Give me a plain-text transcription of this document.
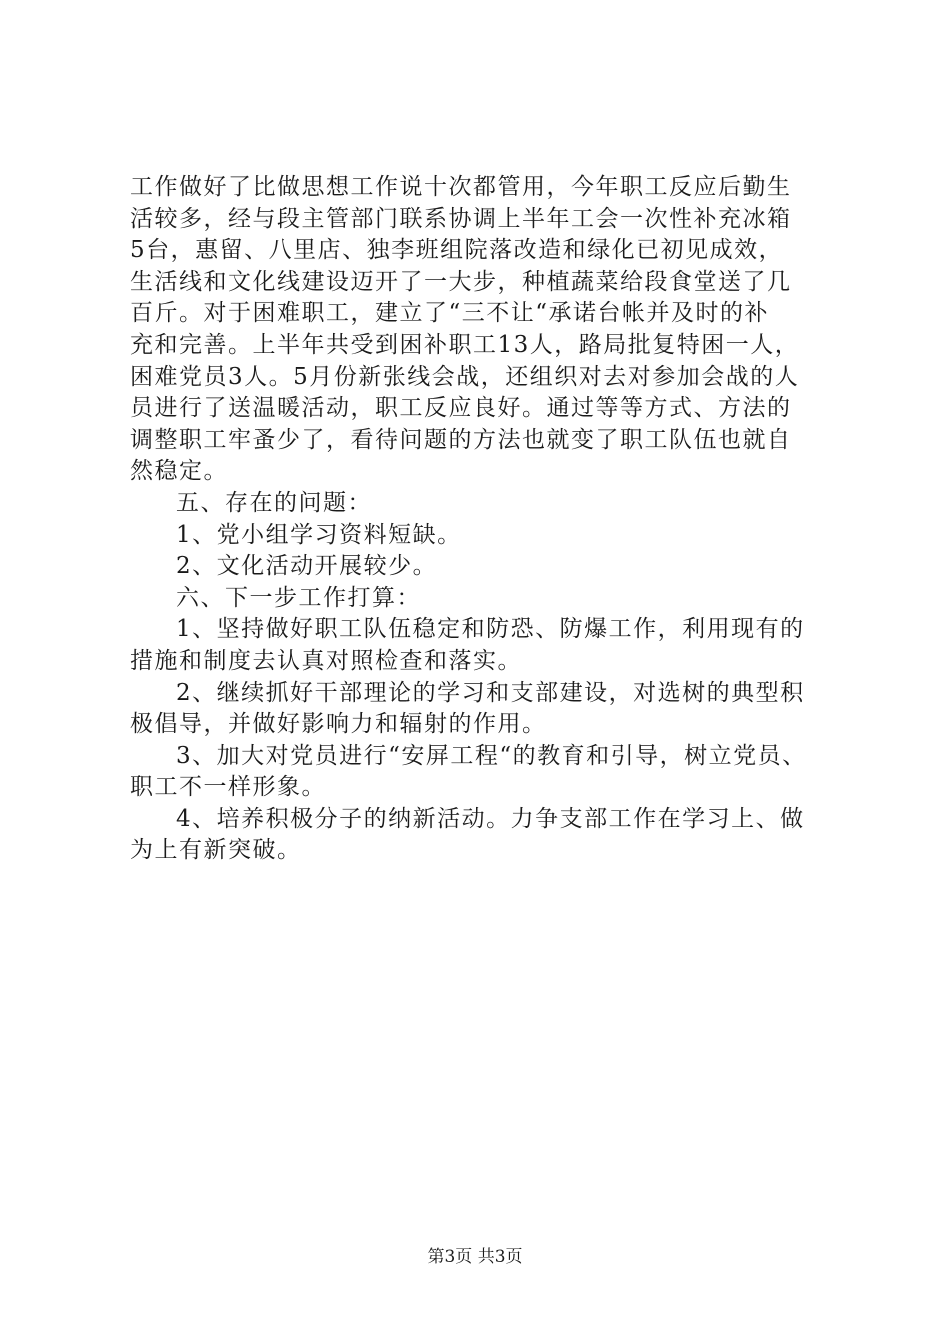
工作做好了比做思想工作说十次都管用，今年职工反应后勤生
活较多，经与段主管部门联系协调上半年工会一次性补充冰箱
5台，惠留、八里店、独李班组院落改造和绿化已初见成效，
生活线和文化线建设迈开了一大步，种植蔬菜给段食堂送了几
百斤。对于困难职工，建立了“三不让“承诺台帐并及时的补
充和完善。上半年共受到困补职工13人，路局批复特困一人，
困难党员3人。5月份新张线会战，还组织对去对参加会战的人
员进行了送温暖活动，职工反应良好。通过等等方式、方法的
调整职工牢蚤少了，看待问题的方法也就变了职工队伍也就自
然稳定。
五、存在的问题：
1、党小组学习资料短缺。
2、文化活动开展较少。
六、下一步工作打算：
1、坚持做好职工队伍稳定和防恐、防爆工作，利用现有的
措施和制度去认真对照检查和落实。
2、继续抓好干部理论的学习和支部建设，对选树的典型积
极倡导，并做好影响力和辐射的作用。
3、加大对党员进行“安屏工程“的教育和引导，树立党员、
职工不一样形象。
4、培养积极分子的纳新活动。力争支部工作在学习上、做
为上有新突破。
第3页 共3页
